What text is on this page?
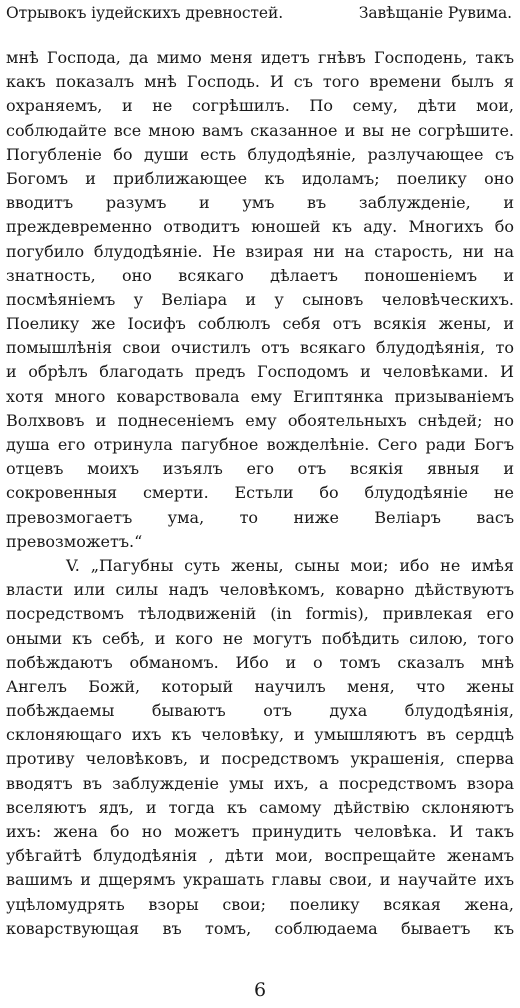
Отрывокъ іудейскихъ древностей.	Завѣщаніе Рувима.
мнѣ Господа, да мимо меня идетъ гнѣвъ Господень, такъ
какъ показалъ мнѣ Господь. И съ того времени былъ я
охраняемъ, и не согрѣшилъ. По сему, дѣти мои,
соблюдайте все мною вамъ сказанное и вы не согрѣшите.
Погубленіе бо души есть блудодѣяніе, разлучающее съ
Богомъ и приближающее къ идоламъ; поелику оно
вводитъ разумъ и умъ въ заблужденіе, и
преждевременно отводитъ юношей къ аду. Многихъ бо
погубило блудодѣяніе. Не взирая ни на старость, ни на
знатность, оно всякаго дѣлаетъ поношеніемъ и
посмѣяніемъ у Веліара и у сыновъ человѣческихъ.
Поелику же Іосифъ соблюлъ себя отъ всякія жены, и
помышлѣнія свои очистилъ отъ всякаго блудодѣянія, то
и обрѣлъ благодать предъ Господомъ и человѣками. И
хотя много коварствовала ему Египтянка призываніемъ
Волхвовъ и поднесеніемъ ему обоятельныхъ снѣдей; но
душа его отринула пагубное вожделѣніе. Сего ради Богъ
отцевъ моихъ изъялъ его отъ всякія явныя и
сокровенныя смерти. Естьли бо блудодѣяніе не
превозмогаетъ ума, то ниже Веліаръ васъ
превозможетъ.“
V. „Пагубны суть жены, сыны мои; ибо не имѣя
власти или силы надъ человѣкомъ, коварно дѣйствуютъ
посредствомъ тѣлодвиженій (in formis), привлекая его
оными къ себѣ, и кого не могутъ побѣдить силою, того
побѣждаютъ обманомъ. Ибо и о томъ сказалъ мнѣ
Ангелъ Божй, который научилъ меня, что жены
побѣждаемы бываютъ отъ духа блудодѣянія,
склоняющаго ихъ къ человѣку, и умышляютъ въ сердцѣ
противу человѣковъ, и посредствомъ украшенія, сперва
вводятъ въ заблужденіе умы ихъ, а посредствомъ взора
вселяютъ ядъ, и тогда къ самому дѣйствію склоняютъ
ихъ: жена бо но можетъ принудить человѣка. И такъ
убѣгайтѣ блудодѣянія , дѣти мои, воспрещайте женамъ
вашимъ и дщерямъ украшать главы свои, и научайте ихъ
уцѣломудрять взоры свои; поелику всякая жена,
коварствующая въ томъ, соблюдаема бываетъ къ
6
